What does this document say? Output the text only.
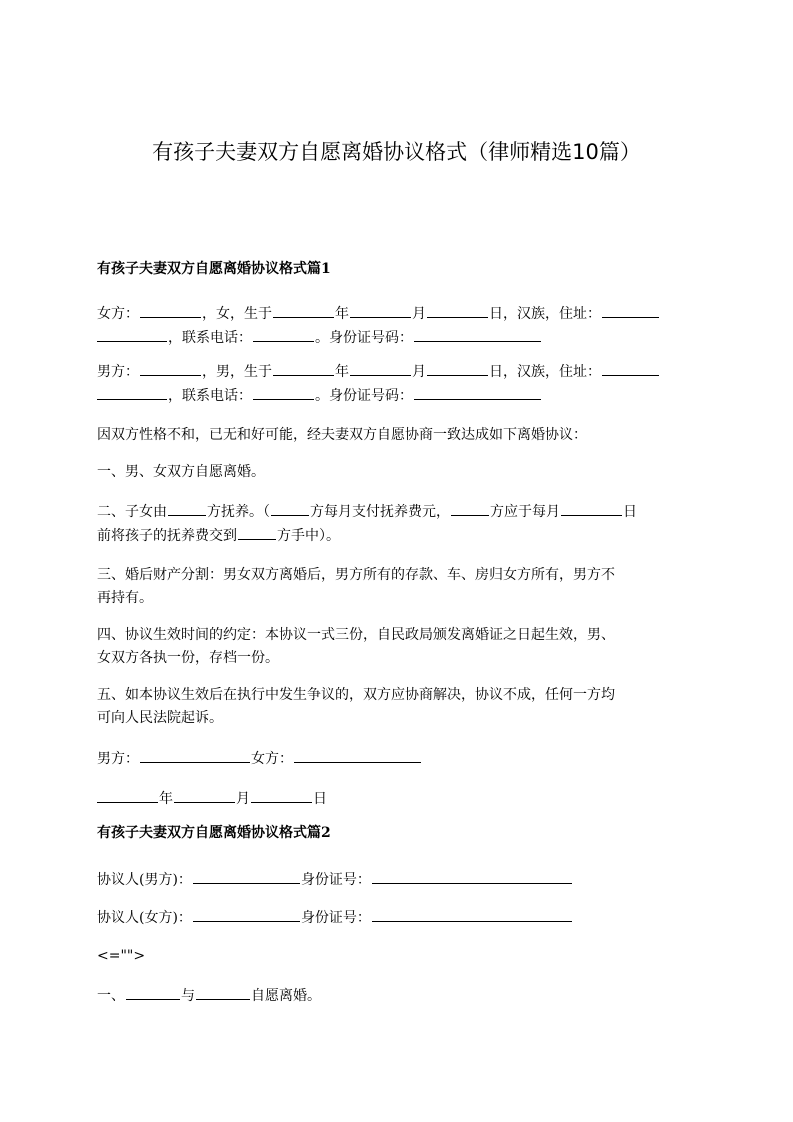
有孩子夫妻双方自愿离婚协议格式（律师精选10篇）
有孩子夫妻双方自愿离婚协议格式篇1
女方：	，女，生于	年	月	日，汉族，住址：
，联系电话：	。身份证号码：
男方：	，男，生于	年	月	日，汉族，住址：
，联系电话：	。身份证号码：
因双方性格不和，已无和好可能，经夫妻双方自愿协商一致达成如下离婚协议：
一、男、女双方自愿离婚。
二、子女由	方抚养。（	方每月支付抚养费元，	方应于每月	日
前将孩子的抚养费交到	方手中）。
三、婚后财产分割：男女双方离婚后，男方所有的存款、车、房归女方所有，男方不
再持有。
四、协议生效时间的约定：本协议一式三份，自民政局颁发离婚证之日起生效，男、
女双方各执一份，存档一份。
五、如本协议生效后在执行中发生争议的，双方应协商解决，协议不成，任何一方均
可向人民法院起诉。
男方：	女方：
年	月	日
有孩子夫妻双方自愿离婚协议格式篇2
协议人(男方)：	身份证号：
协议人(女方)：	身份证号：
<="">
一、	与	自愿离婚。
